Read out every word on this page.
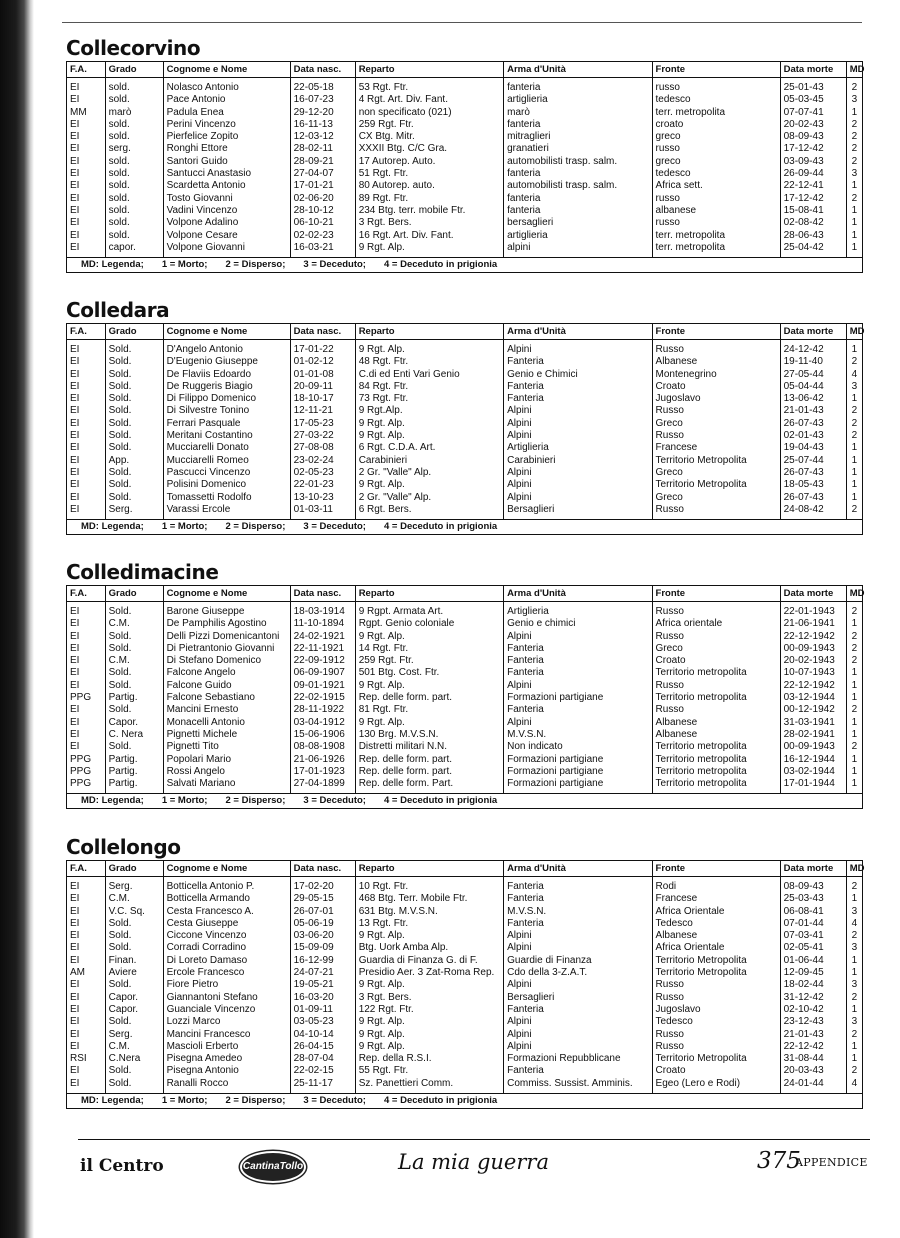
Collecorvino
F.A.	Grado	Cognome e Nome	Data nasc.	Reparto	Arma d'Unità	Fronte	Data morte	MD
EI	sold.	Nolasco Antonio	22-05-18	53 Rgt. Ftr.	fanteria	russo	25-01-43	2
EI	sold.	Pace Antonio	16-07-23	4 Rgt. Art. Div. Fant.	artiglieria	tedesco	05-03-45	3
MM	marò	Padula Enea	29-12-20	non specificato (021)	marò	terr. metropolita	07-07-41	1
EI	sold.	Perini Vincenzo	16-11-13	259 Rgt. Ftr.	fanteria	croato	20-02-43	2
EI	sold.	Pierfelice Zopito	12-03-12	CX Btg. Mitr.	mitraglieri	greco	08-09-43	2
EI	serg.	Ronghi Ettore	28-02-11	XXXII Btg. C/C Gra.	granatieri	russo	17-12-42	2
EI	sold.	Santori Guido	28-09-21	17 Autorep. Auto.	automobilisti trasp. salm.	greco	03-09-43	2
EI	sold.	Santucci Anastasio	27-04-07	51 Rgt. Ftr.	fanteria	tedesco	26-09-44	3
EI	sold.	Scardetta Antonio	17-01-21	80 Autorep. auto.	automobilisti trasp. salm.	Africa sett.	22-12-41	1
EI	sold.	Tosto Giovanni	02-06-20	89 Rgt. Ftr.	fanteria	russo	17-12-42	2
EI	sold.	Vadini Vincenzo	28-10-12	234 Btg. terr. mobile Ftr.	fanteria	albanese	15-08-41	1
EI	sold.	Volpone Adalino	06-10-21	3 Rgt. Bers.	bersaglieri	russo	02-08-42	1
EI	sold.	Volpone Cesare	02-02-23	16 Rgt. Art. Div. Fant.	artiglieria	terr. metropolita	28-06-43	1
EI	capor.	Volpone Giovanni	16-03-21	9 Rgt. Alp.	alpini	terr. metropolita	25-04-42	1
MD: Legenda; 1 = Morto; 2 = Disperso; 3 = Deceduto; 4 = Deceduto in prigionia
Colledara
F.A.	Grado	Cognome e Nome	Data nasc.	Reparto	Arma d'Unità	Fronte	Data morte	MD
EI	Sold.	D'Angelo Antonio	17-01-22	9 Rgt. Alp.	Alpini	Russo	24-12-42	1
EI	Sold.	D'Eugenio Giuseppe	01-02-12	48 Rgt. Ftr.	Fanteria	Albanese	19-11-40	2
EI	Sold.	De Flaviis Edoardo	01-01-08	C.di ed Enti Vari Genio	Genio e Chimici	Montenegrino	27-05-44	4
EI	Sold.	De Ruggeris Biagio	20-09-11	84 Rgt. Ftr.	Fanteria	Croato	05-04-44	3
EI	Sold.	Di Filippo Domenico	18-10-17	73 Rgt. Ftr.	Fanteria	Jugoslavo	13-06-42	1
EI	Sold.	Di Silvestre Tonino	12-11-21	9 Rgt.Alp.	Alpini	Russo	21-01-43	2
EI	Sold.	Ferrari Pasquale	17-05-23	9 Rgt. Alp.	Alpini	Greco	26-07-43	2
EI	Sold.	Meritani Costantino	27-03-22	9 Rgt. Alp.	Alpini	Russo	02-01-43	2
EI	Sold.	Mucciarelli Donato	27-08-08	6 Rgt. C.D.A. Art.	Artiglieria	Francese	19-04-43	1
EI	App.	Mucciarelli Romeo	23-02-24	Carabinieri	Carabinieri	Territorio Metropolita	25-07-44	1
EI	Sold.	Pascucci Vincenzo	02-05-23	2 Gr. "Valle" Alp.	Alpini	Greco	26-07-43	1
EI	Sold.	Polisini Domenico	22-01-23	9 Rgt. Alp.	Alpini	Territorio Metropolita	18-05-43	1
EI	Sold.	Tomassetti Rodolfo	13-10-23	2 Gr. "Valle" Alp.	Alpini	Greco	26-07-43	1
EI	Serg.	Varassi Ercole	01-03-11	6 Rgt. Bers.	Bersaglieri	Russo	24-08-42	2
MD: Legenda; 1 = Morto; 2 = Disperso; 3 = Deceduto; 4 = Deceduto in prigionia
Colledimacine
F.A.	Grado	Cognome e Nome	Data nasc.	Reparto	Arma d'Unità	Fronte	Data morte	MD
EI	Sold.	Barone Giuseppe	18-03-1914	9 Rgpt. Armata Art.	Artiglieria	Russo	22-01-1943	2
EI	C.M.	De Pamphilis Agostino	11-10-1894	Rgpt. Genio coloniale	Genio e chimici	Africa orientale	21-06-1941	1
EI	Sold.	Delli Pizzi Domenicantoni	24-02-1921	9 Rgt. Alp.	Alpini	Russo	22-12-1942	2
EI	Sold.	Di Pietrantonio Giovanni	22-11-1921	14 Rgt. Ftr.	Fanteria	Greco	00-09-1943	2
EI	C.M.	Di Stefano Domenico	22-09-1912	259 Rgt. Ftr.	Fanteria	Croato	20-02-1943	2
EI	Sold.	Falcone Angelo	06-09-1907	501 Btg. Cost. Ftr.	Fanteria	Territorio metropolita	10-07-1943	1
EI	Sold.	Falcone Guido	09-01-1921	9 Rgt. Alp.	Alpini	Russo	22-12-1942	1
PPG	Partig.	Falcone Sebastiano	22-02-1915	Rep. delle form. part.	Formazioni partigiane	Territorio metropolita	03-12-1944	1
EI	Sold.	Mancini Ernesto	28-11-1922	81 Rgt. Ftr.	Fanteria	Russo	00-12-1942	2
EI	Capor.	Monacelli Antonio	03-04-1912	9 Rgt. Alp.	Alpini	Albanese	31-03-1941	1
EI	C. Nera	Pignetti Michele	15-06-1906	130 Brg. M.V.S.N.	M.V.S.N.	Albanese	28-02-1941	1
EI	Sold.	Pignetti Tito	08-08-1908	Distretti militari N.N.	Non indicato	Territorio metropolita	00-09-1943	2
PPG	Partig.	Popolari Mario	21-06-1926	Rep. delle form. part.	Formazioni partigiane	Territorio metropolita	16-12-1944	1
PPG	Partig.	Rossi Angelo	17-01-1923	Rep. delle form. part.	Formazioni partigiane	Territorio metropolita	03-02-1944	1
PPG	Partig.	Salvati Mariano	27-04-1899	Rep. delle form. Part.	Formazioni partigiane	Territorio metropolita	17-01-1944	1
MD: Legenda; 1 = Morto; 2 = Disperso; 3 = Deceduto; 4 = Deceduto in prigionia
Collelongo
F.A.	Grado	Cognome e Nome	Data nasc.	Reparto	Arma d'Unità	Fronte	Data morte	MD
EI	Serg.	Botticella Antonio P.	17-02-20	10 Rgt. Ftr.	Fanteria	Rodi	08-09-43	2
EI	C.M.	Botticella Armando	29-05-15	468 Btg. Terr. Mobile Ftr.	Fanteria	Francese	25-03-43	1
EI	V.C. Sq.	Cesta Francesco A.	26-07-01	631 Btg. M.V.S.N.	M.V.S.N.	Africa Orientale	06-08-41	3
EI	Sold.	Cesta Giuseppe	05-06-19	13 Rgt. Ftr.	Fanteria	Tedesco	07-01-44	4
EI	Sold.	Ciccone Vincenzo	03-06-20	9 Rgt. Alp.	Alpini	Albanese	07-03-41	2
EI	Sold.	Corradi Corradino	15-09-09	Btg. Uork Amba Alp.	Alpini	Africa Orientale	02-05-41	3
EI	Finan.	Di Loreto Damaso	16-12-99	Guardia di Finanza G. di F.	Guardie di Finanza	Territorio Metropolita	01-06-44	1
AM	Aviere	Ercole Francesco	24-07-21	Presidio Aer. 3 Zat-Roma Rep.	Cdo della 3-Z.A.T.	Territorio Metropolita	12-09-45	1
EI	Sold.	Fiore Pietro	19-05-21	9 Rgt. Alp.	Alpini	Russo	18-02-44	3
EI	Capor.	Giannantoni Stefano	16-03-20	3 Rgt. Bers.	Bersaglieri	Russo	31-12-42	2
EI	Capor.	Guanciale Vincenzo	01-09-11	122 Rgt. Ftr.	Fanteria	Jugoslavo	02-10-42	1
EI	Sold.	Lozzi Marco	03-05-23	9 Rgt. Alp.	Alpini	Tedesco	23-12-43	3
EI	Serg.	Mancini Francesco	04-10-14	9 Rgt. Alp.	Alpini	Russo	21-01-43	2
EI	C.M.	Mascioli Erberto	26-04-15	9 Rgt. Alp.	Alpini	Russo	22-12-42	1
RSI	C.Nera	Pisegna Amedeo	28-07-04	Rep. della R.S.I.	Formazioni Repubblicane	Territorio Metropolita	31-08-44	1
EI	Sold.	Pisegna Antonio	22-02-15	55 Rgt. Ftr.	Fanteria	Croato	20-03-43	2
EI	Sold.	Ranalli Rocco	25-11-17	Sz. Panettieri Comm.	Commiss. Sussist. Amminis.	Egeo (Lero e Rodi)	24-01-44	4
MD: Legenda; 1 = Morto; 2 = Disperso; 3 = Deceduto; 4 = Deceduto in prigionia
il Centro	CantinaTollo	La mia guerra	375
APPENDICE
